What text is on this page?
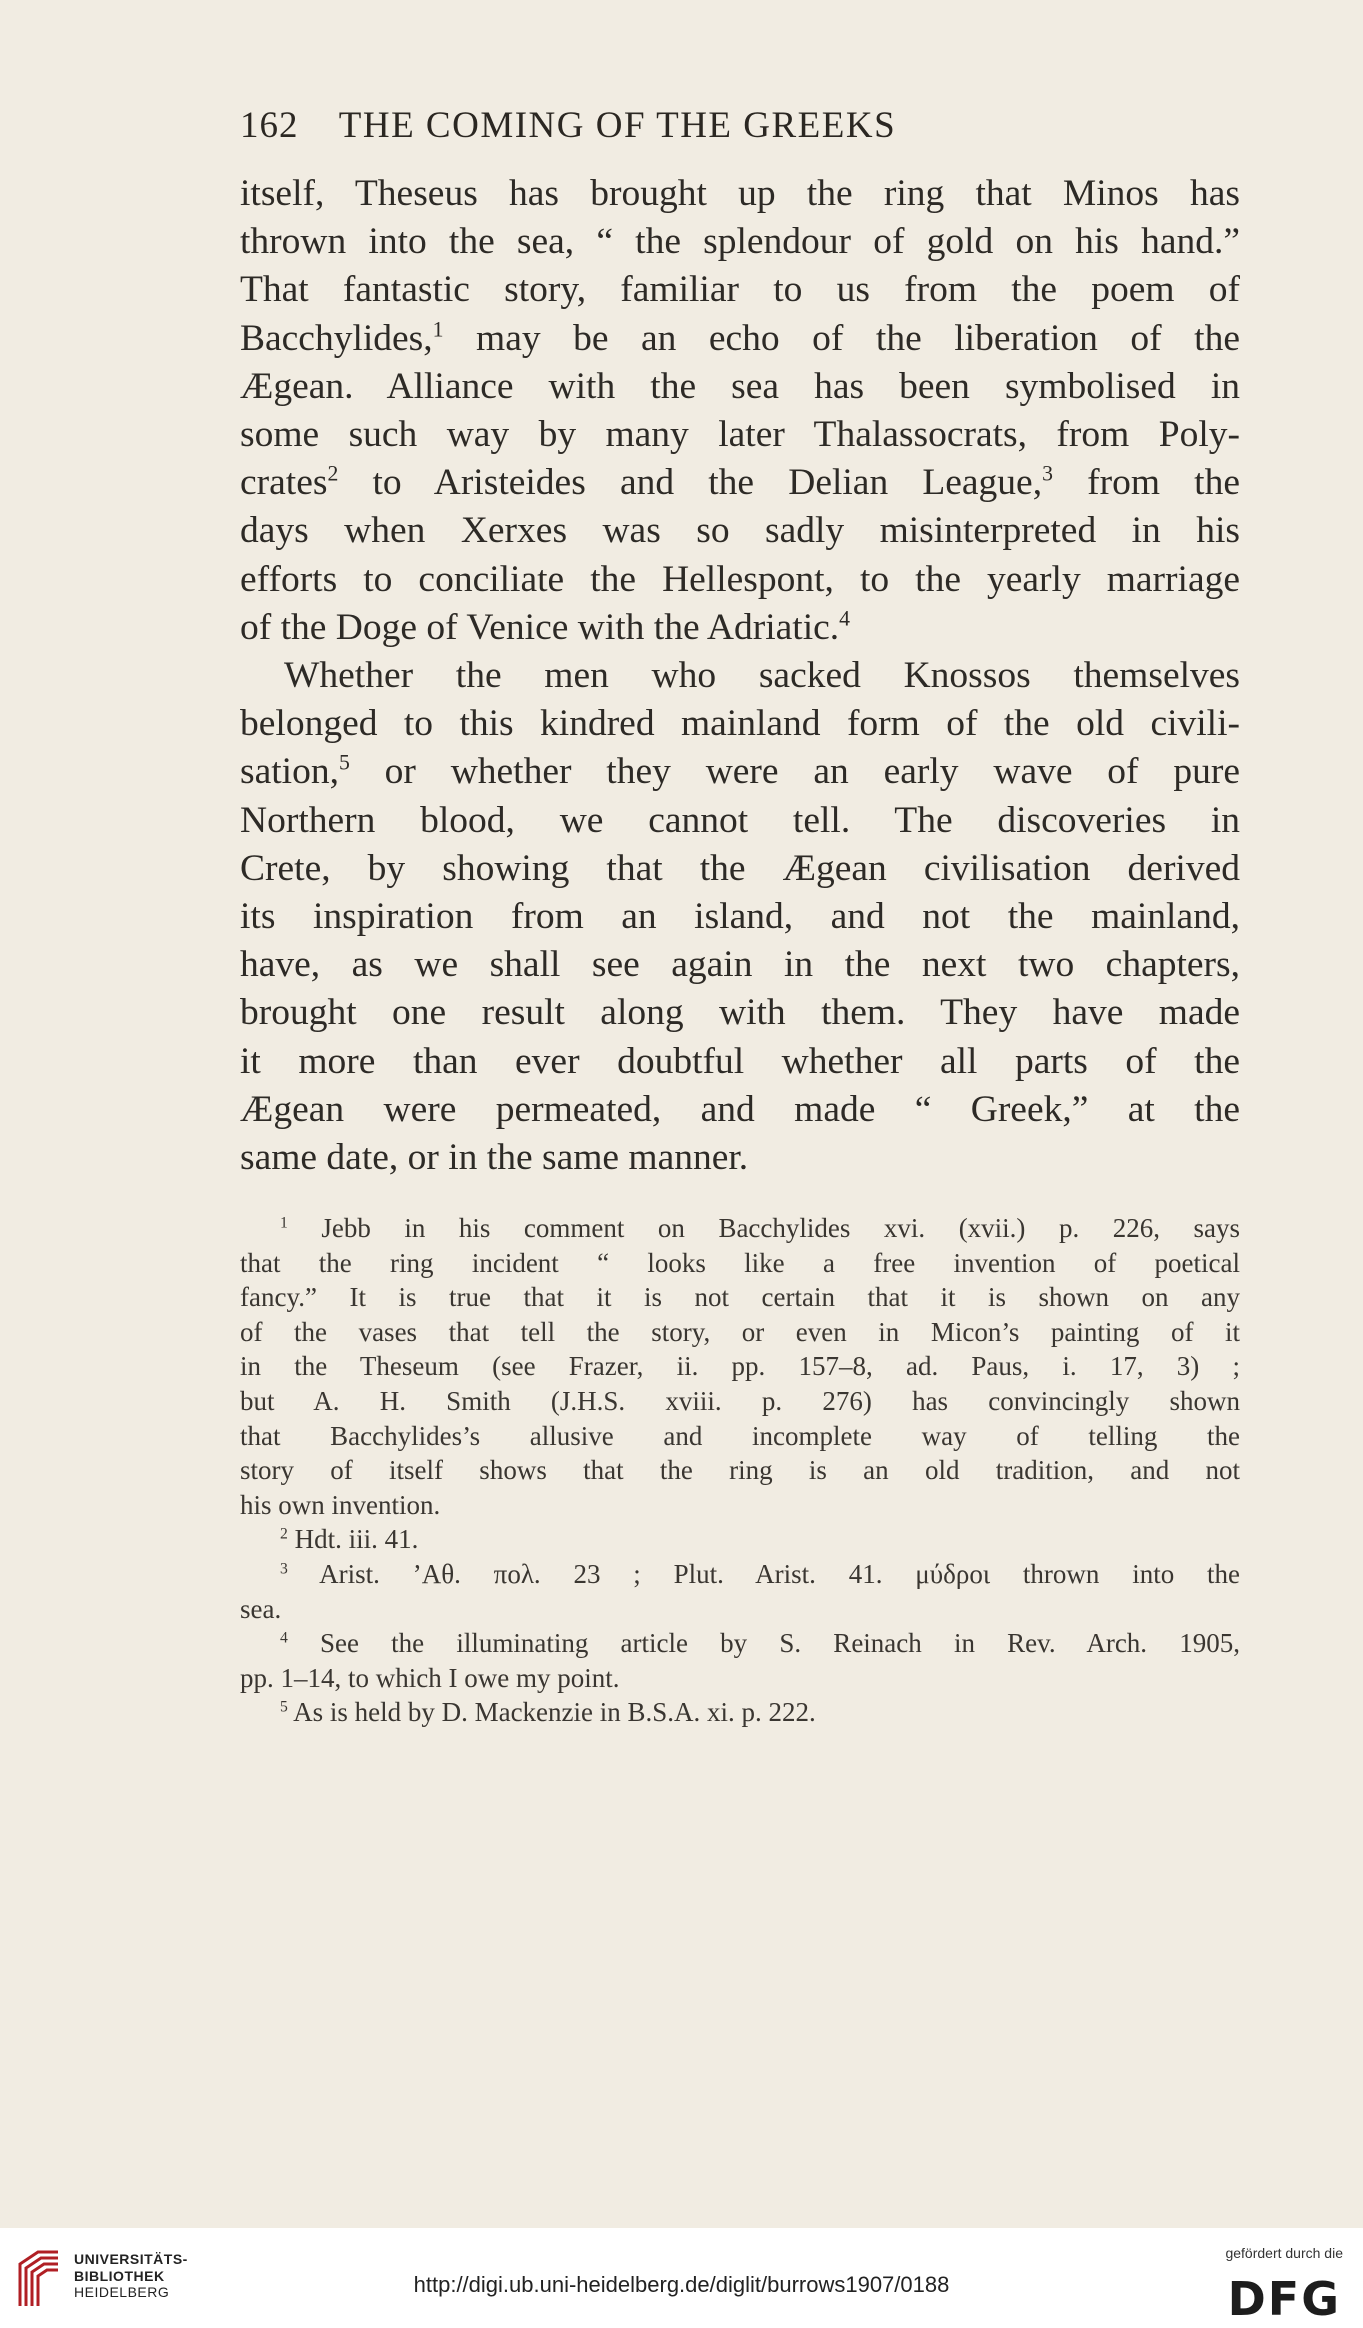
162 THE COMING OF THE GREEKS
itself, Theseus has brought up the ring that Minos has
thrown into the sea, “ the splendour of gold on his hand.”
That fantastic story, familiar to us from the poem of
Bacchylides,$^1$ may be an echo of the liberation of the
Ægean. Alliance with the sea has been symbolised in
some such way by many later Thalassocrats, from Poly-
crates$^2$ to Aristeides and the Delian League,$^3$ from the
days when Xerxes was so sadly misinterpreted in his
efforts to conciliate the Hellespont, to the yearly marriage
of the Doge of Venice with the Adriatic.$^4$
Whether the men who sacked Knossos themselves
belonged to this kindred mainland form of the old civili-
sation,$^5$ or whether they were an early wave of pure
Northern blood, we cannot tell. The discoveries in
Crete, by showing that the Ægean civilisation derived
its inspiration from an island, and not the mainland,
have, as we shall see again in the next two chapters,
brought one result along with them. They have made
it more than ever doubtful whether all parts of the
Ægean were permeated, and made “ Greek,” at the
same date, or in the same manner.
$^1$ Jebb in his comment on Bacchylides xvi. (xvii.) p. 226, says
that the ring incident “ looks like a free invention of poetical
fancy.” It is true that it is not certain that it is shown on any
of the vases that tell the story, or even in Micon’s painting of it
in the Theseum (see Frazer, ii. pp. 157–8, ad. Paus, i. 17, 3) ;
but A. H. Smith (J.H.S. xviii. p. 276) has convincingly shown
that Bacchylides’s allusive and incomplete way of telling the
story of itself shows that the ring is an old tradition, and not
his own invention.
$^2$ Hdt. iii. 41.
$^3$ Arist. ’Αθ. πολ. 23 ; Plut. Arist. 41. μύδροι thrown into the
sea.
$^4$ See the illuminating article by S. Reinach in Rev. Arch. 1905,
pp. 1–14, to which I owe my point.
$^5$ As is held by D. Mackenzie in B.S.A. xi. p. 222.
UNIVERSITÄTS-
BIBLIOTHEK
HEIDELBERG	http://digi.ub.uni-heidelberg.de/diglit/burrows1907/0188
gefördert durch die
DFG
